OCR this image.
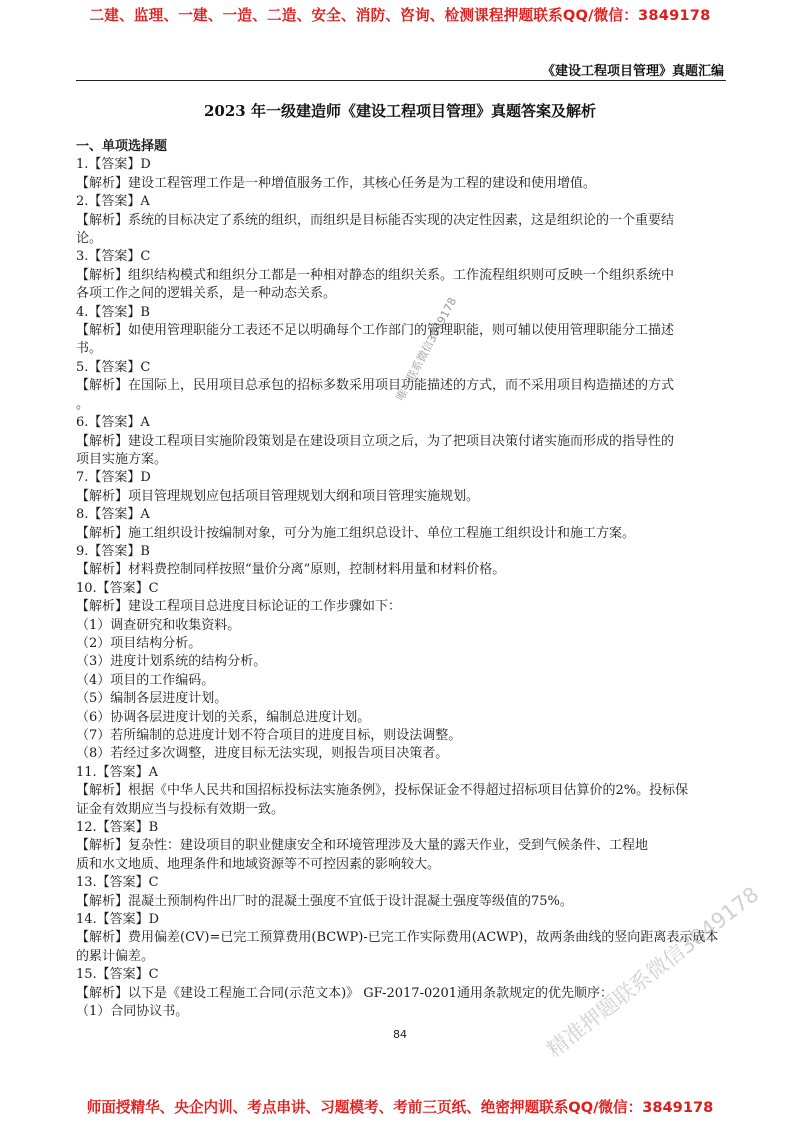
二建、监理、一建、一造、二造、安全、消防、咨询、检测课程押题联系QQ/微信：3849178
《建设工程项目管理》真题汇编
2023 年一级建造师《建设工程项目管理》真题答案及解析

一、单项选择题

1.【答案】D

【解析】建设工程管理工作是一种增值服务工作，其核心任务是为工程的建设和使用增值。

2.【答案】A

【解析】系统的目标决定了系统的组织，而组织是目标能否实现的决定性因素，这是组织论的一个重要结

论。

3.【答案】C

【解析】组织结构模式和组织分工都是一种相对静态的组织关系。工作流程组织则可反映一个组织系统中

各项工作之间的逻辑关系，是一种动态关系。

4.【答案】B

【解析】如使用管理职能分工表还不足以明确每个工作部门的管理职能，则可辅以使用管理职能分工描述

书。

5.【答案】C

【解析】在国际上，民用项目总承包的招标多数采用项目功能描述的方式，而不采用项目构造描述的方式

。

6.【答案】A

【解析】建设工程项目实施阶段策划是在建设项目立项之后，为了把项目决策付诸实施而形成的指导性的

项目实施方案。

7.【答案】D

【解析】项目管理规划应包括项目管理规划大纲和项目管理实施规划。

8.【答案】A

【解析】施工组织设计按编制对象，可分为施工组织总设计、单位工程施工组织设计和施工方案。

9.【答案】B

【解析】材料费控制同样按照“量价分离”原则，控制材料用量和材料价格。

10.【答案】C

【解析】建设工程项目总进度目标论证的工作步骤如下：

（1）调查研究和收集资料。

（2）项目结构分析。

（3）进度计划系统的结构分析。

（4）项目的工作编码。

（5）编制各层进度计划。

（6）协调各层进度计划的关系，编制总进度计划。

（7）若所编制的总进度计划不符合项目的进度目标，则设法调整。

（8）若经过多次调整，进度目标无法实现，则报告项目决策者。

11.【答案】A

【解析】根据《中华人民共和国招标投标法实施条例》，投标保证金不得超过招标项目估算价的2%。投标保

证金有效期应当与投标有效期一致。

12.【答案】B

【解析】复杂性：建设项目的职业健康安全和环境管理涉及大量的露天作业，受到气候条件、工程地

质和水文地质、地理条件和地域资源等不可控因素的影响较大。

13.【答案】C

【解析】混凝土预制构件出厂时的混凝土强度不宜低于设计混凝土强度等级值的75%。

14.【答案】D

【解析】费用偏差(CV)=已完工预算费用(BCWP)-已完工作实际费用(ACWP)，故两条曲线的竖向距离表示成本

的累计偏差。

15.【答案】C

【解析】以下是《建设工程施工合同(示范文本)》 GF-2017-0201通用条款规定的优先顺序：

（1）合同协议书。

84
师面授精华、央企内训、考点串讲、习题模考、考前三页纸、绝密押题联系QQ/微信：3849178
唯一联系微信3849178
精准押题联系微信3849178
